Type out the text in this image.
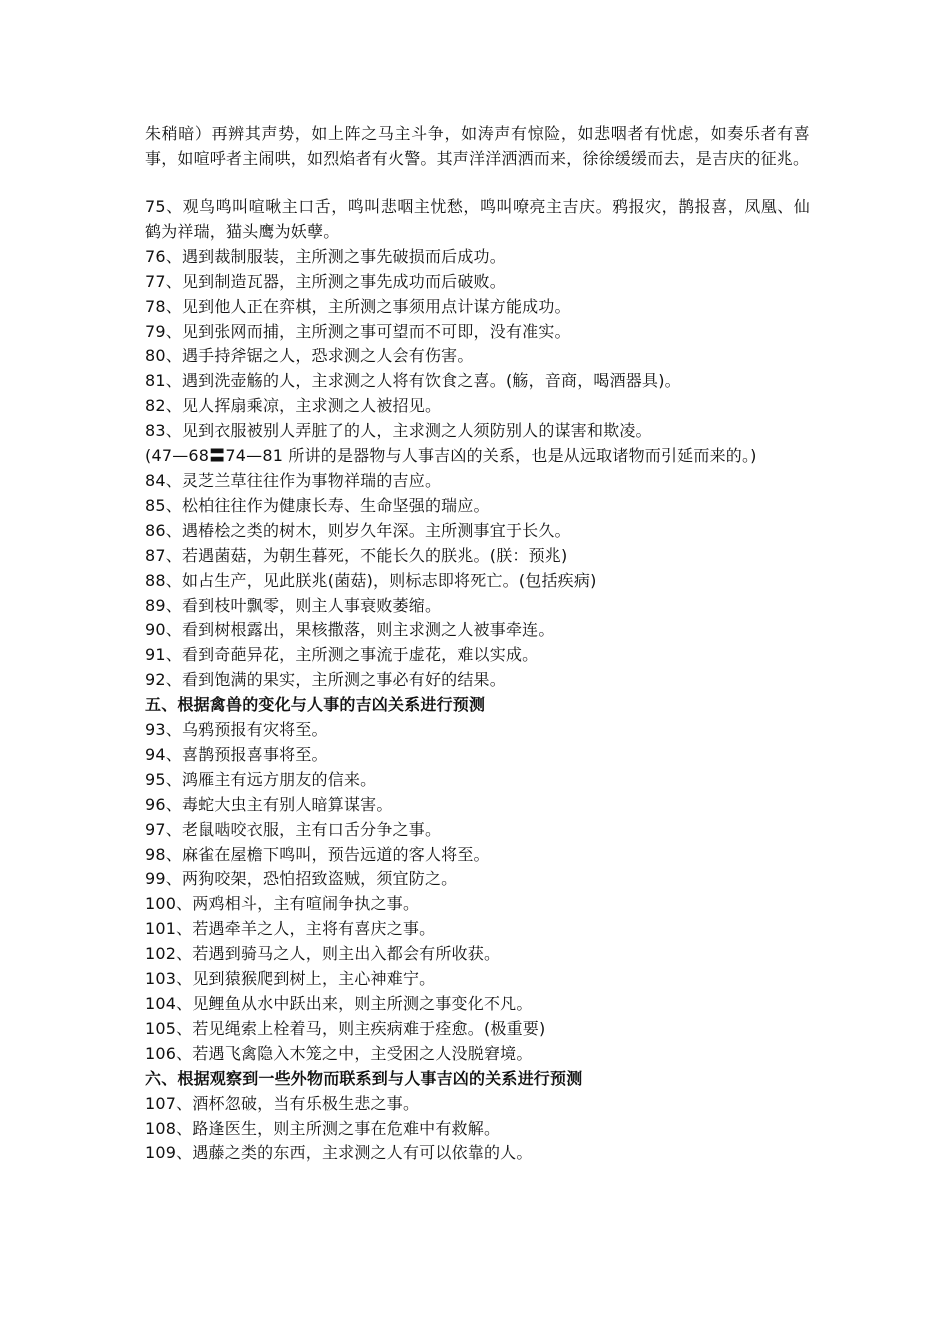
朱稍暗）再辨其声势，如上阵之马主斗争，如涛声有惊险，如悲咽者有忧虑，如奏乐者有喜事，如喧呼者主闹哄，如烈焰者有火警。其声洋洋洒洒而来，徐徐缓缓而去，是吉庆的征兆。

75、观鸟鸣叫喧啾主口舌，鸣叫悲咽主忧愁，鸣叫嘹亮主吉庆。鸦报灾，鹊报喜，凤凰、仙鹤为祥瑞，猫头鹰为妖孽。

76、遇到裁制服装，主所测之事先破损而后成功。

77、见到制造瓦器，主所测之事先成功而后破败。

78、见到他人正在弈棋，主所测之事须用点计谋方能成功。

79、见到张网而捕，主所测之事可望而不可即，没有准实。

80、遇手持斧锯之人，恐求测之人会有伤害。

81、遇到洗壶觞的人，主求测之人将有饮食之喜。(觞，音商，喝酒器具)。

82、见人挥扇乘凉，主求测之人被招见。

83、见到衣服被别人弄脏了的人，主求测之人须防别人的谋害和欺凌。

(47—68〓74—81 所讲的是器物与人事吉凶的关系，也是从远取诸物而引延而来的。)

84、灵芝兰草往往作为事物祥瑞的吉应。

85、松柏往往作为健康长寿、生命坚强的瑞应。

86、遇椿桧之类的树木，则岁久年深。主所测事宜于长久。

87、若遇菌菇，为朝生暮死，不能长久的朕兆。(朕：预兆)

88、如占生产，见此朕兆(菌菇)，则标志即将死亡。(包括疾病)

89、看到枝叶飘零，则主人事衰败萎缩。

90、看到树根露出，果核撒落，则主求测之人被事牵连。

91、看到奇葩异花，主所测之事流于虚花，难以实成。

92、看到饱满的果实，主所测之事必有好的结果。

五、根据禽兽的变化与人事的吉凶关系进行预测

93、乌鸦预报有灾将至。

94、喜鹊预报喜事将至。

95、鸿雁主有远方朋友的信来。

96、毒蛇大虫主有别人暗算谋害。

97、老鼠啮咬衣服，主有口舌分争之事。

98、麻雀在屋檐下鸣叫，预告远道的客人将至。

99、两狗咬架，恐怕招致盗贼，须宜防之。

100、两鸡相斗，主有喧闹争执之事。

101、若遇牵羊之人，主将有喜庆之事。

102、若遇到骑马之人，则主出入都会有所收获。

103、见到猿猴爬到树上，主心神难宁。

104、见鲤鱼从水中跃出来，则主所测之事变化不凡。

105、若见绳索上栓着马，则主疾病难于痊愈。(极重要)

106、若遇飞禽隐入木笼之中，主受困之人没脱窘境。

六、根据观察到一些外物而联系到与人事吉凶的关系进行预测

107、酒杯忽破，当有乐极生悲之事。

108、路逢医生，则主所测之事在危难中有救解。

109、遇藤之类的东西，主求测之人有可以依靠的人。
